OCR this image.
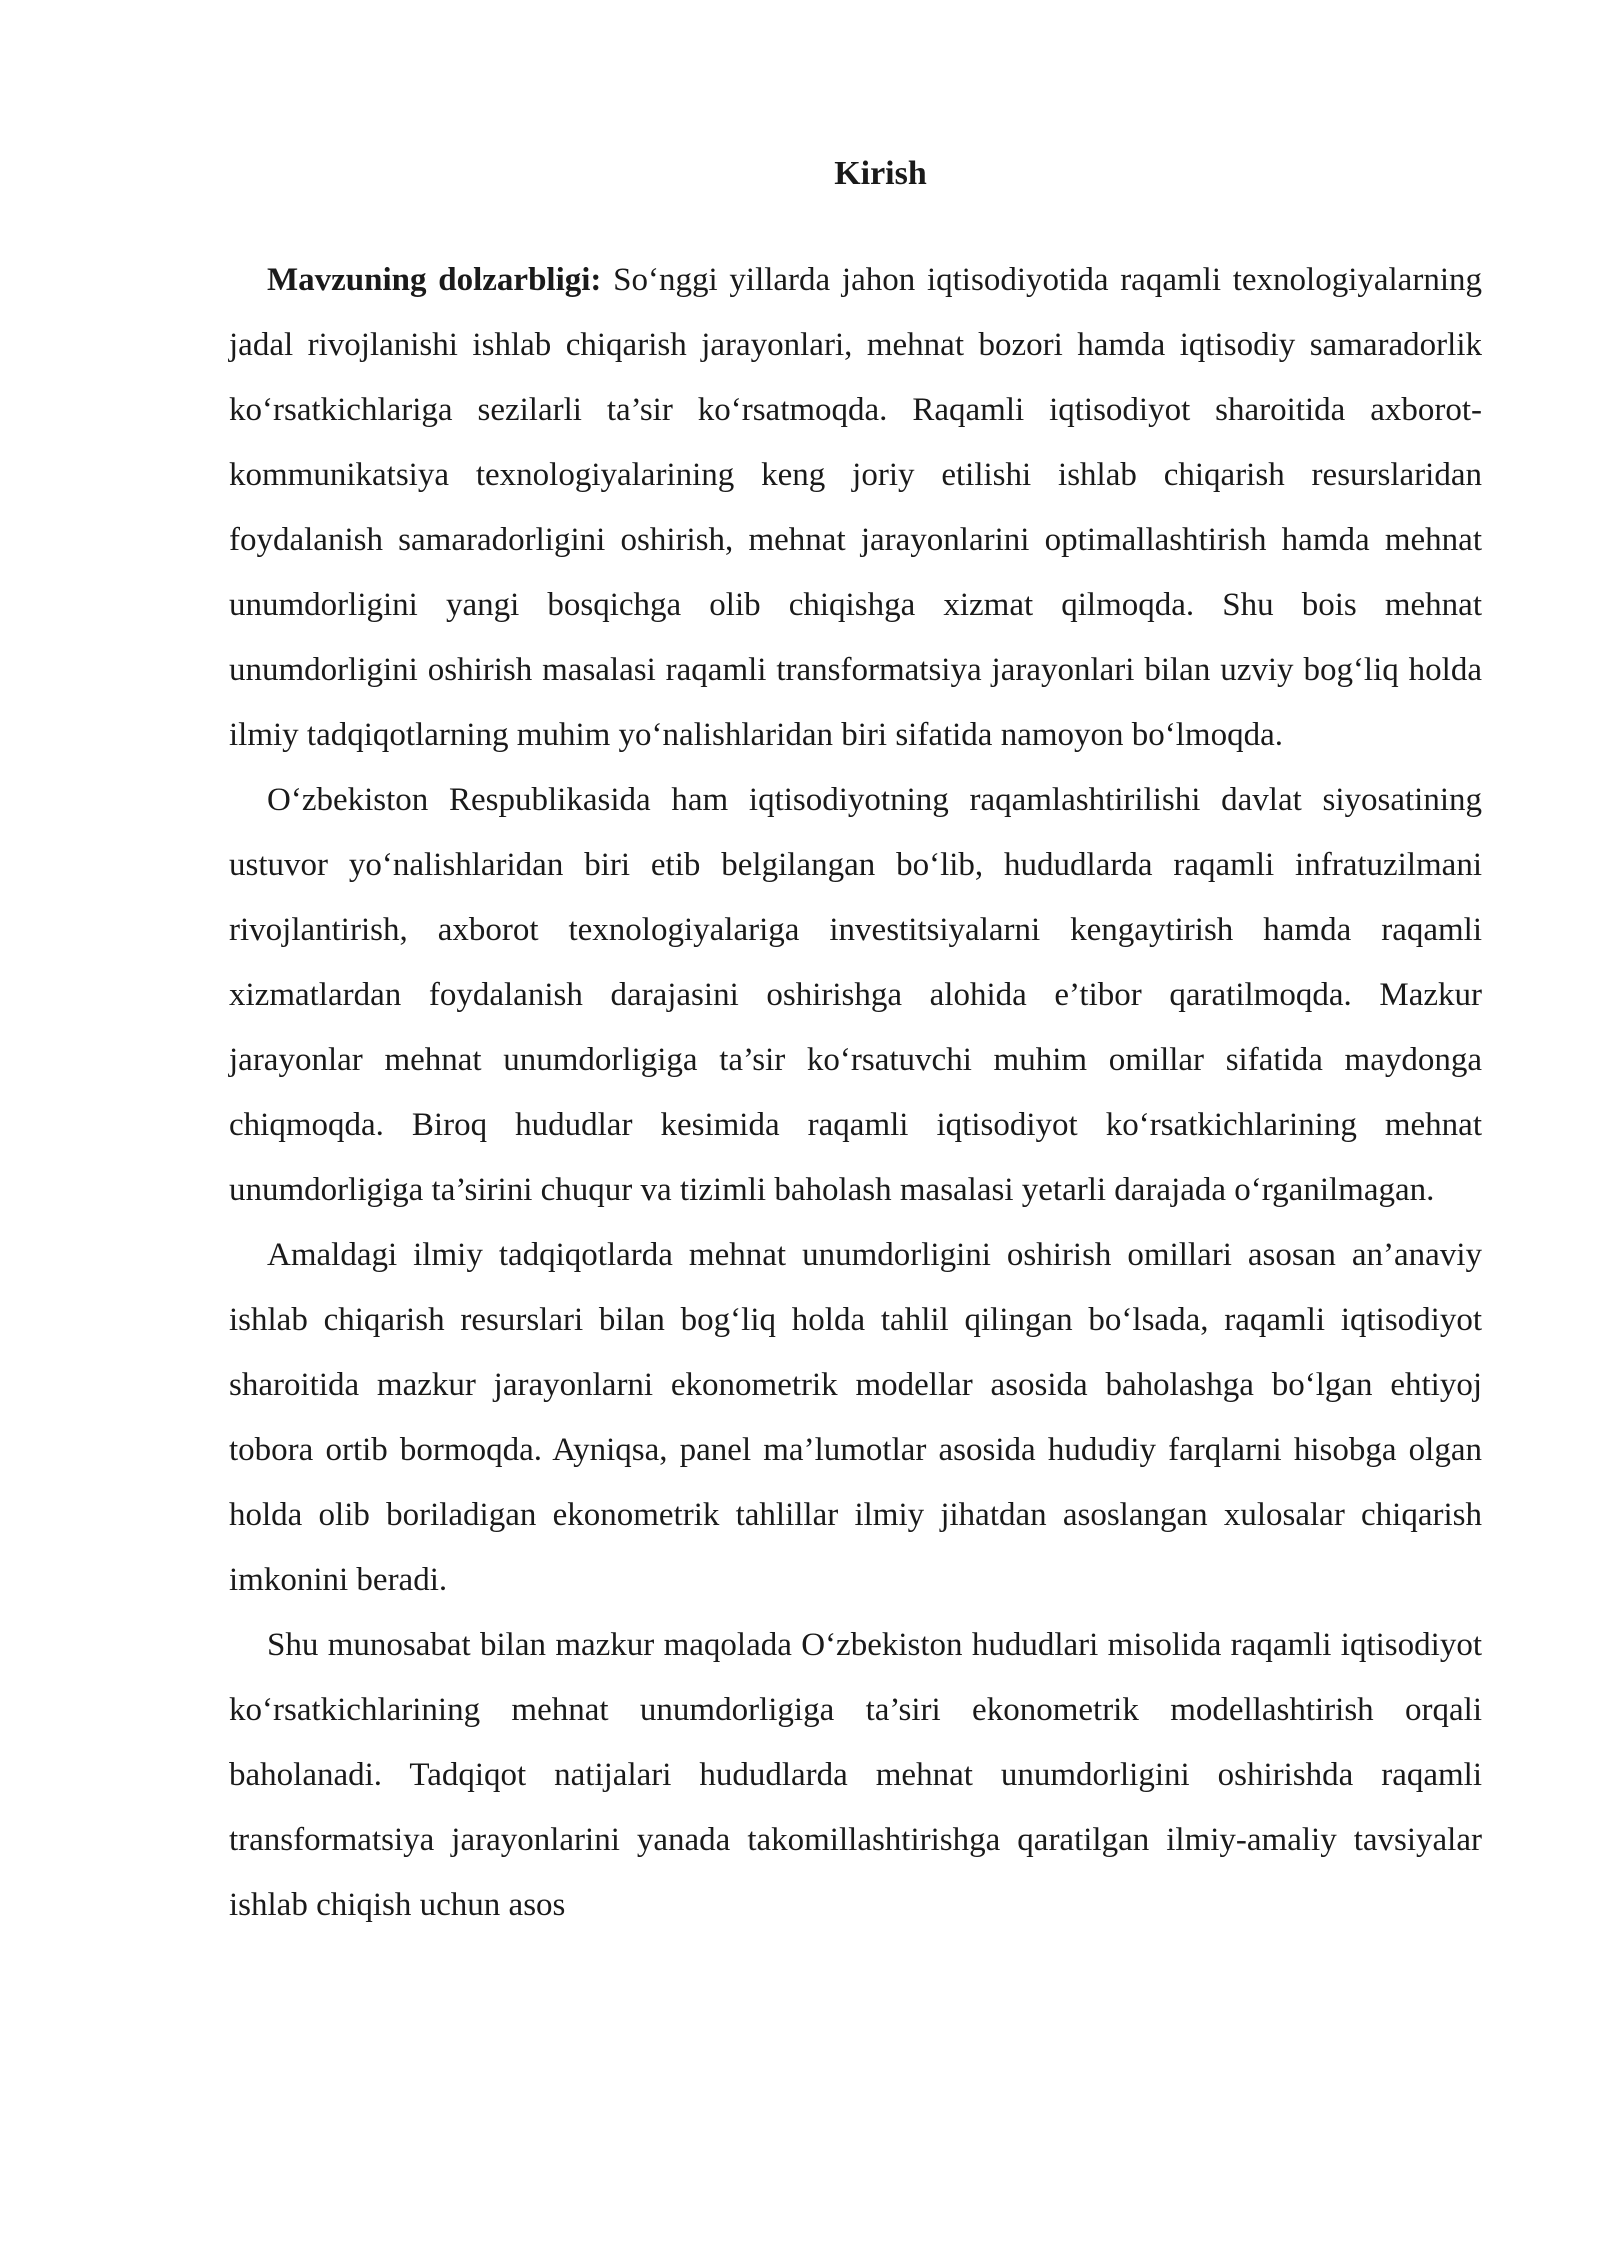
Kirish

Mavzuning dolzarbligi: So‘nggi yillarda jahon iqtisodiyotida raqamli texnologiyalarning jadal rivojlanishi ishlab chiqarish jarayonlari, mehnat bozori hamda iqtisodiy samaradorlik ko‘rsatkichlariga sezilarli ta’sir ko‘rsatmoqda. Raqamli iqtisodiyot sharoitida axborot-kommunikatsiya texnologiyalarining keng joriy etilishi ishlab chiqarish resurslaridan foydalanish samaradorligini oshirish, mehnat jarayonlarini optimallashtirish hamda mehnat unumdorligini yangi bosqichga olib chiqishga xizmat qilmoqda. Shu bois mehnat unumdorligini oshirish masalasi raqamli transformatsiya jarayonlari bilan uzviy bog‘liq holda ilmiy tadqiqotlarning muhim yo‘nalishlaridan biri sifatida namoyon bo‘lmoqda.

O‘zbekiston Respublikasida ham iqtisodiyotning raqamlashtirilishi davlat siyosatining ustuvor yo‘nalishlaridan biri etib belgilangan bo‘lib, hududlarda raqamli infratuzilmani rivojlantirish, axborot texnologiyalariga investitsiyalarni kengaytirish hamda raqamli xizmatlardan foydalanish darajasini oshirishga alohida e’tibor qaratilmoqda. Mazkur jarayonlar mehnat unumdorligiga ta’sir ko‘rsatuvchi muhim omillar sifatida maydonga chiqmoqda. Biroq hududlar kesimida raqamli iqtisodiyot ko‘rsatkichlarining mehnat unumdorligiga ta’sirini chuqur va tizimli baholash masalasi yetarli darajada o‘rganilmagan.

Amaldagi ilmiy tadqiqotlarda mehnat unumdorligini oshirish omillari asosan an’anaviy ishlab chiqarish resurslari bilan bog‘liq holda tahlil qilingan bo‘lsada, raqamli iqtisodiyot sharoitida mazkur jarayonlarni ekonometrik modellar asosida baholashga bo‘lgan ehtiyoj tobora ortib bormoqda. Ayniqsa, panel ma’lumotlar asosida hududiy farqlarni hisobga olgan holda olib boriladigan ekonometrik tahlillar ilmiy jihatdan asoslangan xulosalar chiqarish imkonini beradi.

Shu munosabat bilan mazkur maqolada O‘zbekiston hududlari misolida raqamli iqtisodiyot ko‘rsatkichlarining mehnat unumdorligiga ta’siri ekonometrik modellashtirish orqali baholanadi. Tadqiqot natijalari hududlarda mehnat unumdorligini oshirishda raqamli transformatsiya jarayonlarini yanada takomillashtirishga qaratilgan ilmiy-amaliy tavsiyalar ishlab chiqish uchun asos
